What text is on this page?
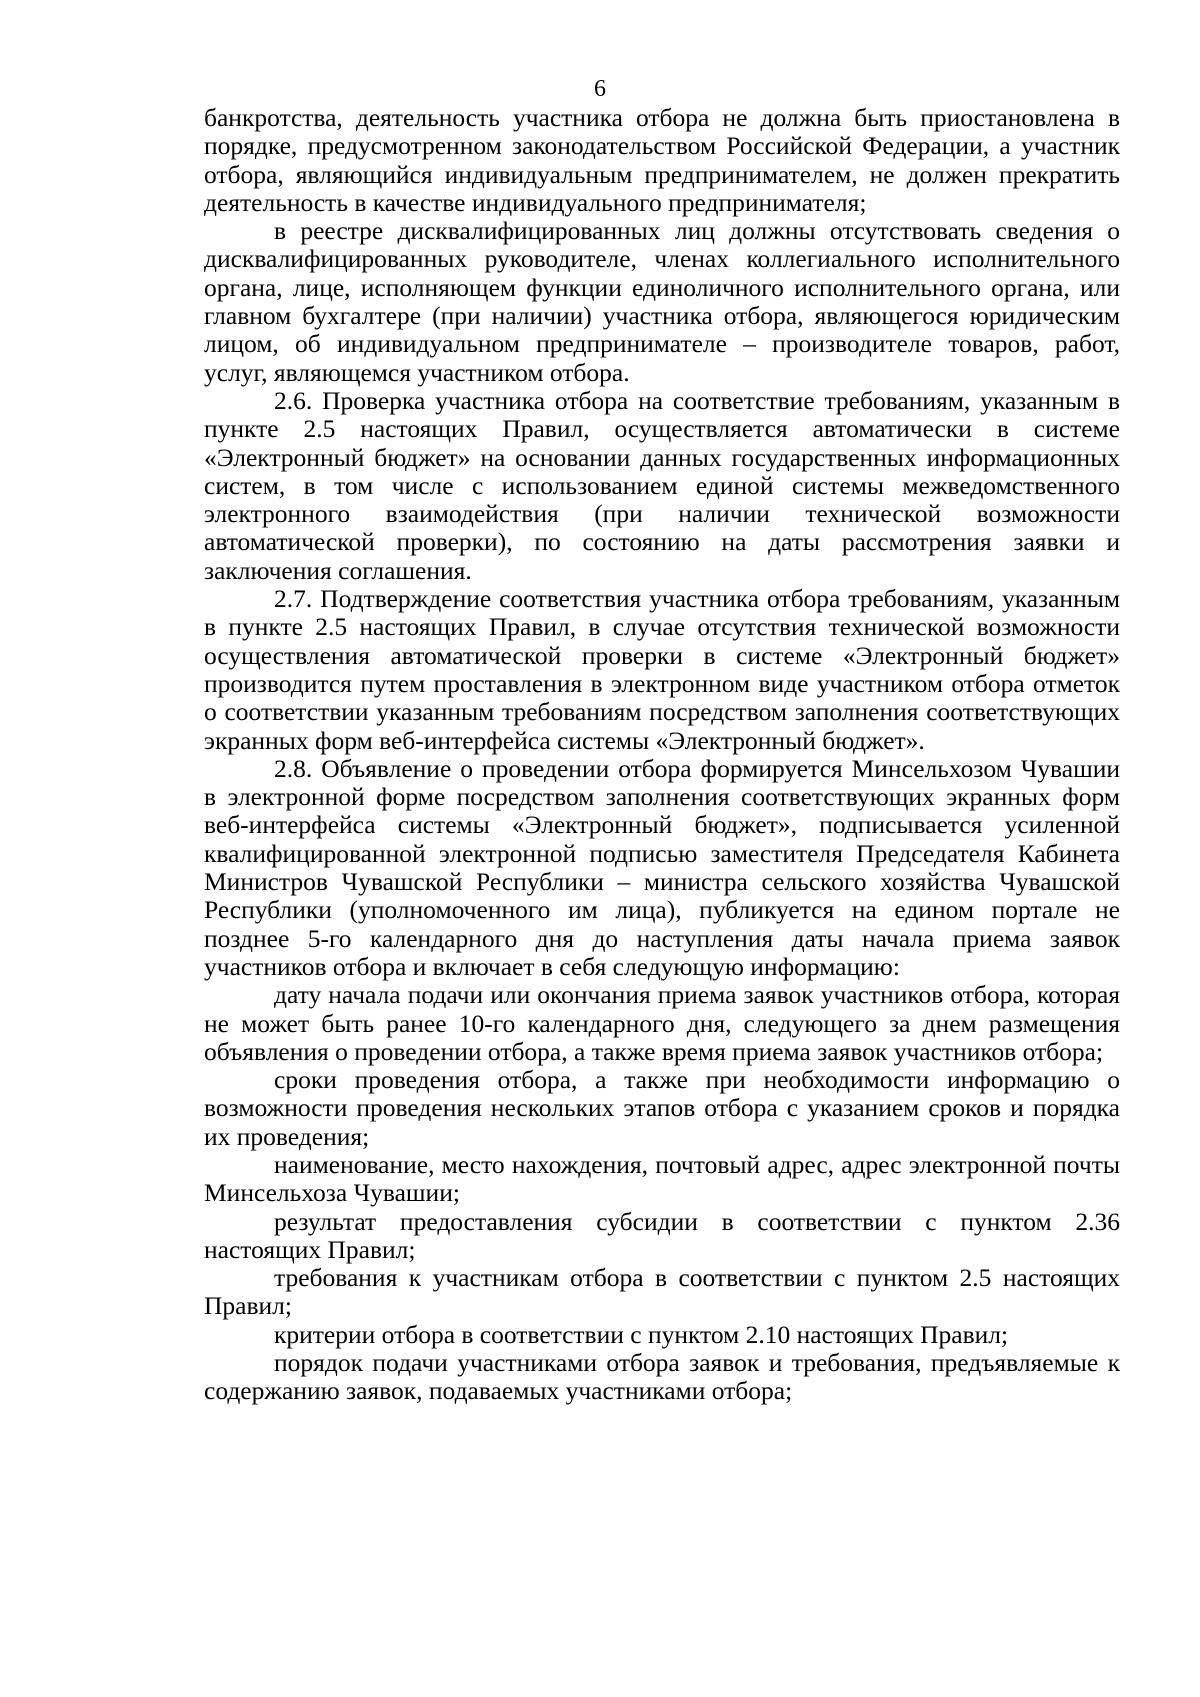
6

банкротства, деятельность участника отбора не должна быть приостановлена в порядке, предусмотренном законодательством Российской Федерации, а участник отбора, являющийся индивидуальным предпринимателем, не должен прекратить деятельность в качестве индивидуального предпринимателя;

в реестре дисквалифицированных лиц должны отсутствовать сведения о дисквалифицированных руководителе, членах коллегиального исполнительного органа, лице, исполняющем функции единоличного исполнительного органа, или главном бухгалтере (при наличии) участника отбора, являющегося юридическим лицом, об индивидуальном предпринимателе – производителе товаров, работ, услуг, являющемся участником отбора.

2.6. Проверка участника отбора на соответствие требованиям, указанным в пункте 2.5 настоящих Правил, осуществляется автоматически в системе «Электронный бюджет» на основании данных государственных информационных систем, в том числе с использованием единой системы межведомственного электронного взаимодействия (при наличии технической возможности автоматической проверки), по состоянию на даты рассмотрения заявки и заключения соглашения.

2.7. Подтверждение соответствия участника отбора требованиям, указанным в пункте 2.5 настоящих Правил, в случае отсутствия технической возможности осуществления автоматической проверки в системе «Электронный бюджет» производится путем проставления в электронном виде участником отбора отметок о соответствии указанным требованиям посредством заполнения соответствующих экранных форм веб-интерфейса системы «Электронный бюджет».

2.8. Объявление о проведении отбора формируется Минсельхозом Чувашии в электронной форме посредством заполнения соответствующих экранных форм веб-интерфейса системы «Электронный бюджет», подписывается усиленной квалифицированной электронной подписью заместителя Председателя Кабинета Министров Чувашской Республики – министра сельского хозяйства Чувашской Республики (уполномоченного им лица), публикуется на едином портале не позднее 5-го календарного дня до наступления даты начала приема заявок участников отбора и включает в себя следующую информацию:

дату начала подачи или окончания приема заявок участников отбора, которая не может быть ранее 10-го календарного дня, следующего за днем размещения объявления о проведении отбора, а также время приема заявок участников отбора;

сроки проведения отбора, а также при необходимости информацию о возможности проведения нескольких этапов отбора с указанием сроков и порядка их проведения;

наименование, место нахождения, почтовый адрес, адрес электронной почты Минсельхоза Чувашии;

результат предоставления субсидии в соответствии с пунктом 2.36 настоящих Правил;

требования к участникам отбора в соответствии с пунктом 2.5 настоящих Правил;

критерии отбора в соответствии с пунктом 2.10 настоящих Правил;

порядок подачи участниками отбора заявок и требования, предъявляемые к содержанию заявок, подаваемых участниками отбора;
